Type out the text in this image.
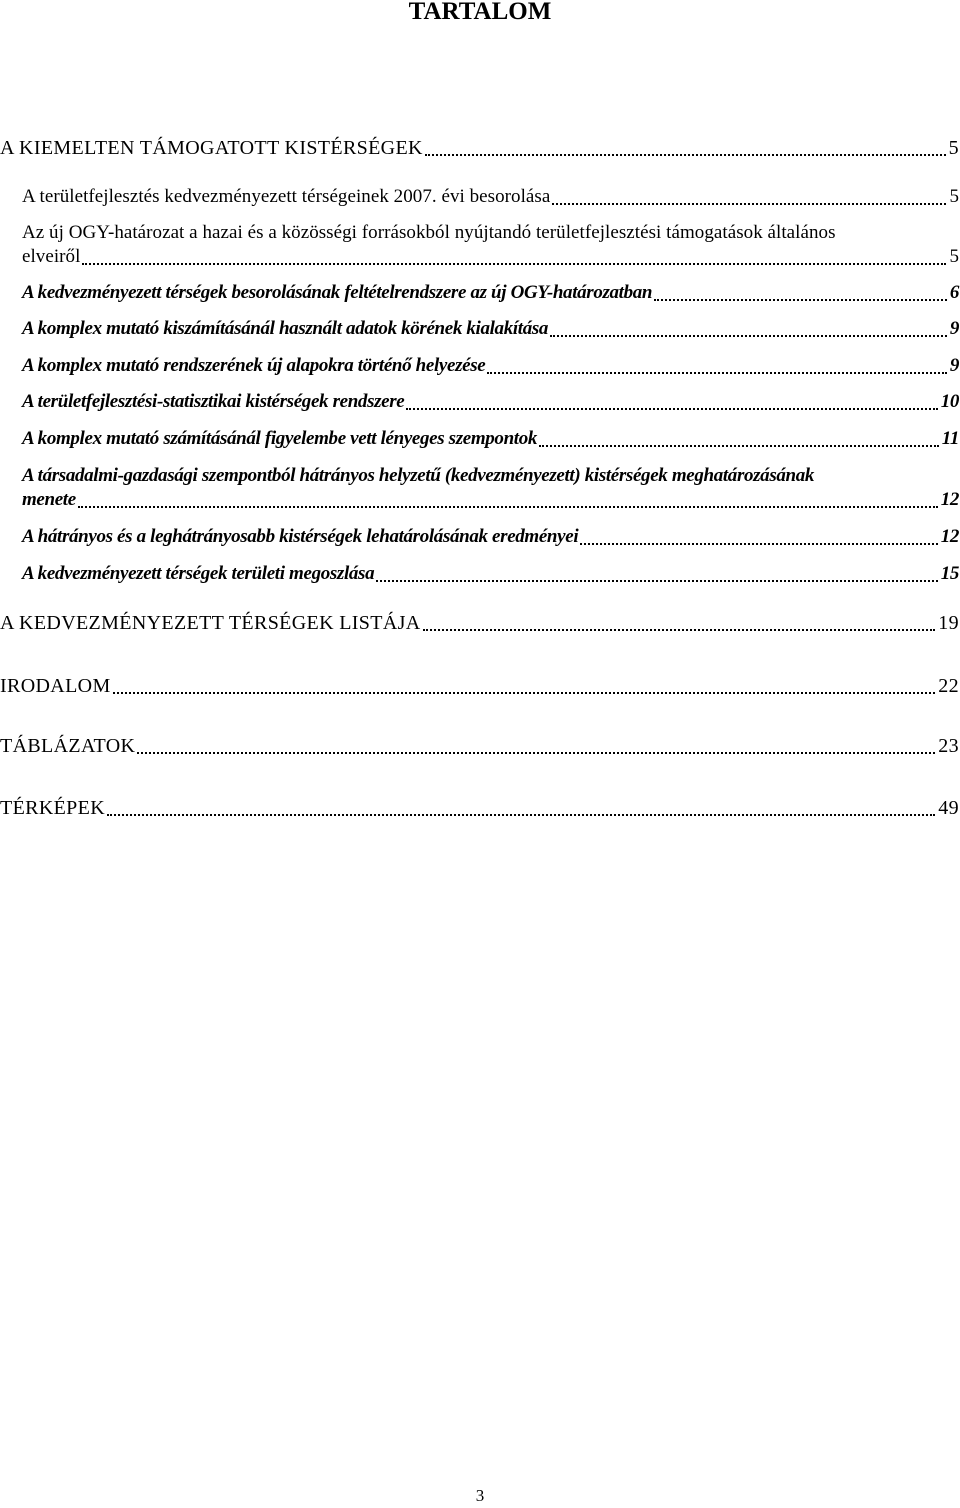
TARTALOM
A KIEMELTEN TÁMOGATOTT KISTÉRSÉGEK	5
A területfejlesztés kedvezményezett térségeinek 2007. évi besorolása	5
Az új OGY-határozat a hazai és a közösségi forrásokból nyújtandó területfejlesztési támogatások általános
elveiről	5
A kedvezményezett térségek besorolásának feltételrendszere az új OGY-határozatban	6
A komplex mutató kiszámításánál használt adatok körének kialakítása	9
A komplex mutató rendszerének új alapokra történő helyezése	9
A területfejlesztési-statisztikai kistérségek rendszere	10
A komplex mutató számításánál figyelembe vett lényeges szempontok	11
A társadalmi-gazdasági szempontból hátrányos helyzetű (kedvezményezett) kistérségek meghatározásának
menete	12
A hátrányos és a leghátrányosabb kistérségek lehatárolásának eredményei	12
A kedvezményezett térségek területi megoszlása	15
A KEDVEZMÉNYEZETT TÉRSÉGEK LISTÁJA	19
IRODALOM	22
TÁBLÁZATOK	23
TÉRKÉPEK	49
3
